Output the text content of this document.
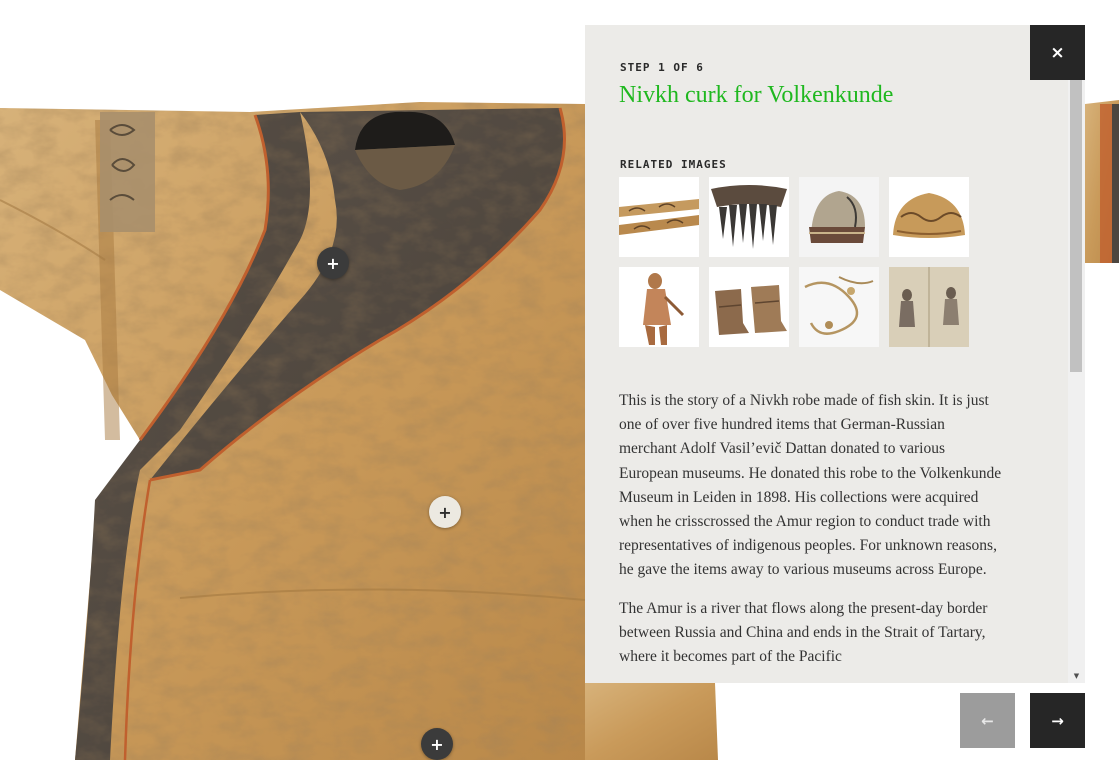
+
+
+
STEP 1 OF 6
Nivkh curk for Volkenkunde
RELATED IMAGES

This is the story of a Nivkh robe made of fish skin. It is just one of over five hundred items that German-Russian merchant Adolf Vasil’evič Dattan donated to various European museums. He donated this robe to the Volkenkunde Museum in Leiden in 1898. His collections were acquired when he crisscrossed the Amur region to conduct trade with representatives of indigenous peoples. For unknown reasons, he gave the items away to various museums across Europe.

The Amur is a river that flows along the present-day border between Russia and China and ends in the Strait of Tartary, where it becomes part of the Pacific

▼
×
←	→
